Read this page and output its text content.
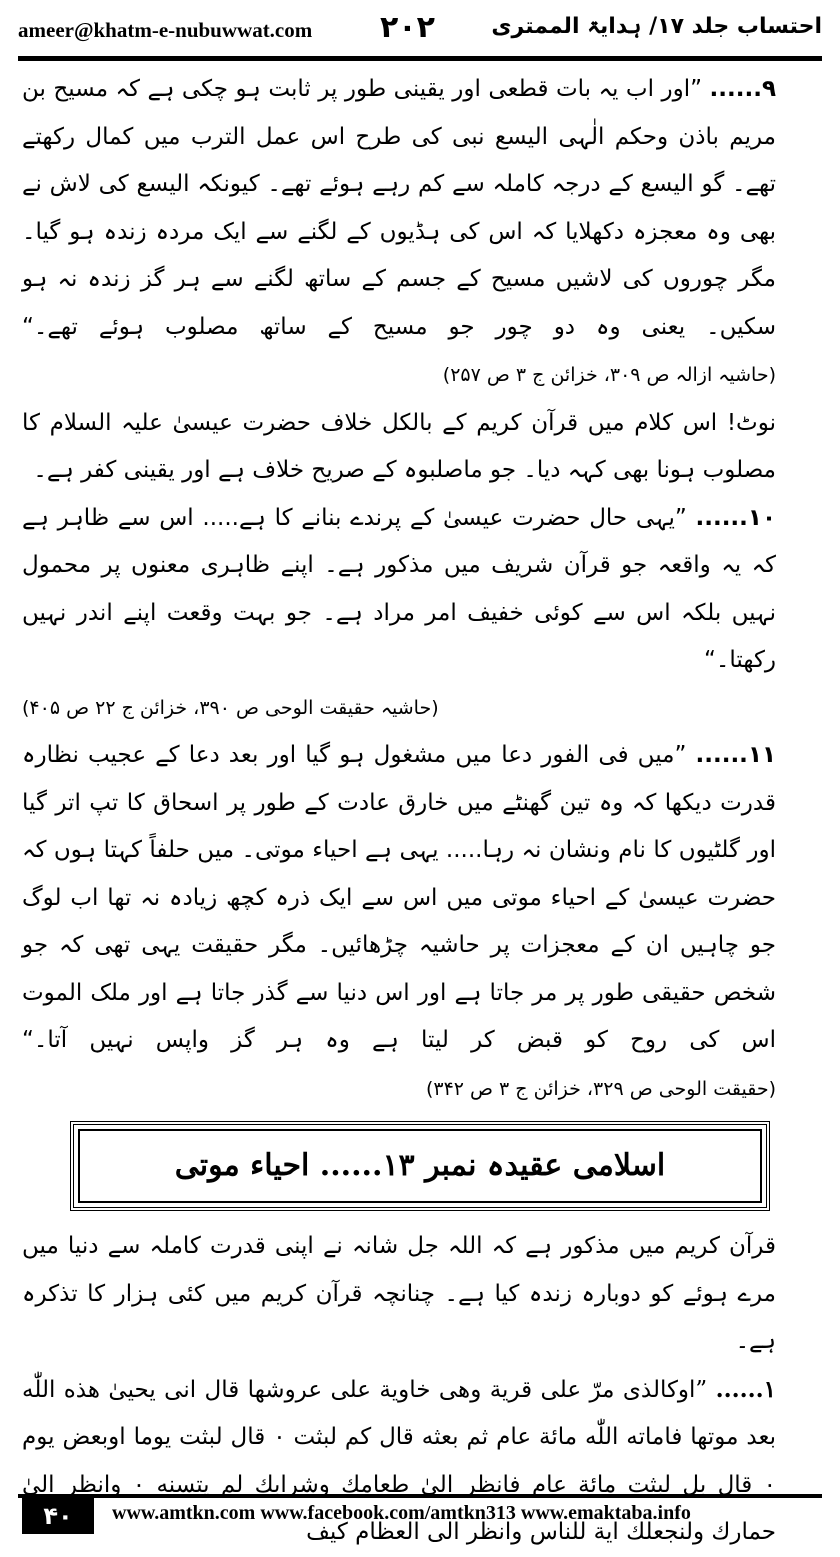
ameer@khatm-e-nubuwwat.com ۲۰۲	احتساب جلد ۱۷/ ہدایۃ الممتری

۹...... ”اور اب یہ بات قطعی اور یقینی طور پر ثابت ہو چکی ہے کہ مسیح بن مریم باذن وحکم الٰہی الیسع نبی کی طرح اس عمل الترب میں کمال رکھتے تھے۔ گو الیسع کے درجہ کاملہ سے کم رہے ہوئے تھے۔ کیونکہ الیسع کی لاش نے بھی وہ معجزہ دکھلایا کہ اس کی ہڈیوں کے لگنے سے ایک مردہ زندہ ہو گیا۔ مگر چوروں کی لاشیں مسیح کے جسم کے ساتھ لگنے سے ہر گز زندہ نہ ہو سکیں۔ یعنی وہ دو چور جو مسیح کے ساتھ مصلوب ہوئے تھے۔“ (حاشیہ ازالہ ص ۳۰۹، خزائن ج ۳ ص ۲۵۷)

نوٹ! اس کلام میں قرآن کریم کے بالکل خلاف حضرت عیسیٰ علیہ السلام کا مصلوب ہونا بھی کہہ دیا۔ جو ماصلبوہ کے صریح خلاف ہے اور یقینی کفر ہے۔

۱۰...... ”یہی حال حضرت عیسیٰ کے پرندے بنانے کا ہے..... اس سے ظاہر ہے کہ یہ واقعہ جو قرآن شریف میں مذکور ہے۔ اپنے ظاہری معنوں پر محمول نہیں بلکہ اس سے کوئی خفیف امر مراد ہے۔ جو بہت وقعت اپنے اندر نہیں رکھتا۔“

(حاشیہ حقیقت الوحی ص ۳۹۰، خزائن ج ۲۲ ص ۴۰۵)

۱۱...... ”میں فی الفور دعا میں مشغول ہو گیا اور بعد دعا کے عجیب نظارہ قدرت دیکھا کہ وہ تین گھنٹے میں خارق عادت کے طور پر اسحاق کا تپ اتر گیا اور گلٹیوں کا نام ونشان نہ رہا..... یہی ہے احیاء موتی۔ میں حلفاً کہتا ہوں کہ حضرت عیسیٰ کے احیاء موتی میں اس سے ایک ذرہ کچھ زیادہ نہ تھا اب لوگ جو چاہیں ان کے معجزات پر حاشیہ چڑھائیں۔ مگر حقیقت یہی تھی کہ جو شخص حقیقی طور پر مر جاتا ہے اور اس دنیا سے گذر جاتا ہے اور ملک الموت اس کی روح کو قبض کر لیتا ہے وہ ہر گز واپس نہیں آتا۔“ (حقیقت الوحی ص ۳۲۹، خزائن ج ۳ ص ۳۴۲)

اسلامی عقیدہ نمبر ۱۳...... احیاء موتی

قرآن کریم میں مذکور ہے کہ اللہ جل شانہ نے اپنی قدرت کاملہ سے دنیا میں مرے ہوئے کو دوبارہ زندہ کیا ہے۔ چنانچہ قرآن کریم میں کئی ہزار کا تذکرہ ہے۔

۱...... ”اوکالذی مرّ علی قریة وهی خاوية علی عروشها قال انی يحيیٰ هذه اللّٰه بعد موتها فاماته اللّٰه مائة عام ثم بعثه قال كم لبثت ۰ قال لبثت يوما اوبعض يوم ۰ قال بل لبثت مائة عام فانظر الیٰ طعامك وشرابك لم يتسنه ۰ وانظر الیٰ حمارك ولنجعلك اية للناس وانظر الى العظام كيف

۴۰	www.amtkn.com www.facebook.com/amtkn313 www.emaktaba.info
